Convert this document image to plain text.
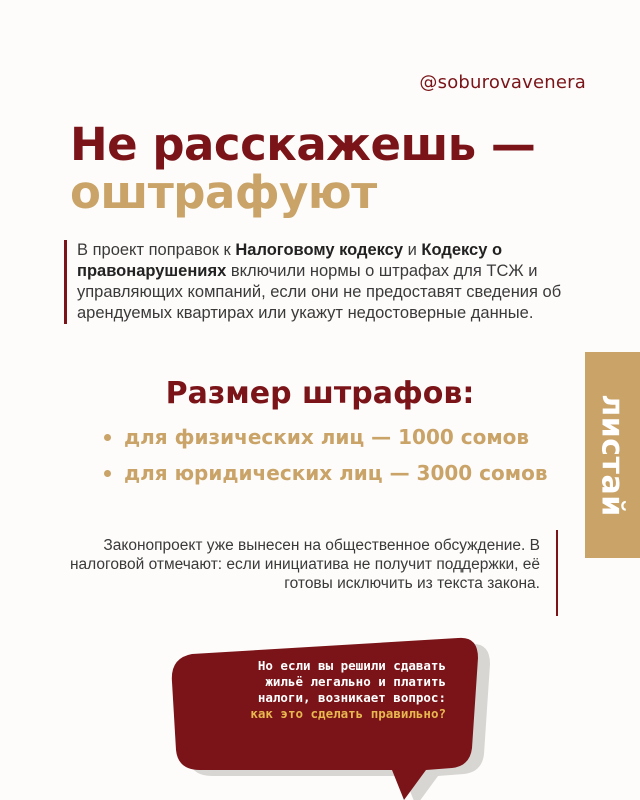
@soburovavenera
Не расскажешь —
оштрафуют
В проект поправок к Налоговому кодексу и Кодексу о правонарушениях включили нормы о штрафах для ТСЖ и управляющих компаний, если они не предоставят сведения об арендуемых квартирах или укажут недостоверные данные.
Размер штрафов:
для физических лиц — 1000 сомов
для юридических лиц — 3000 сомов листай
Законопроект уже вынесен на общественное обсуждение. В налоговой отмечают: если инициатива не получит поддержки, её готовы исключить из текста закона.
Но если вы решили сдавать
жильё легально и платить
налоги, возникает вопрос:
как это сделать правильно?
